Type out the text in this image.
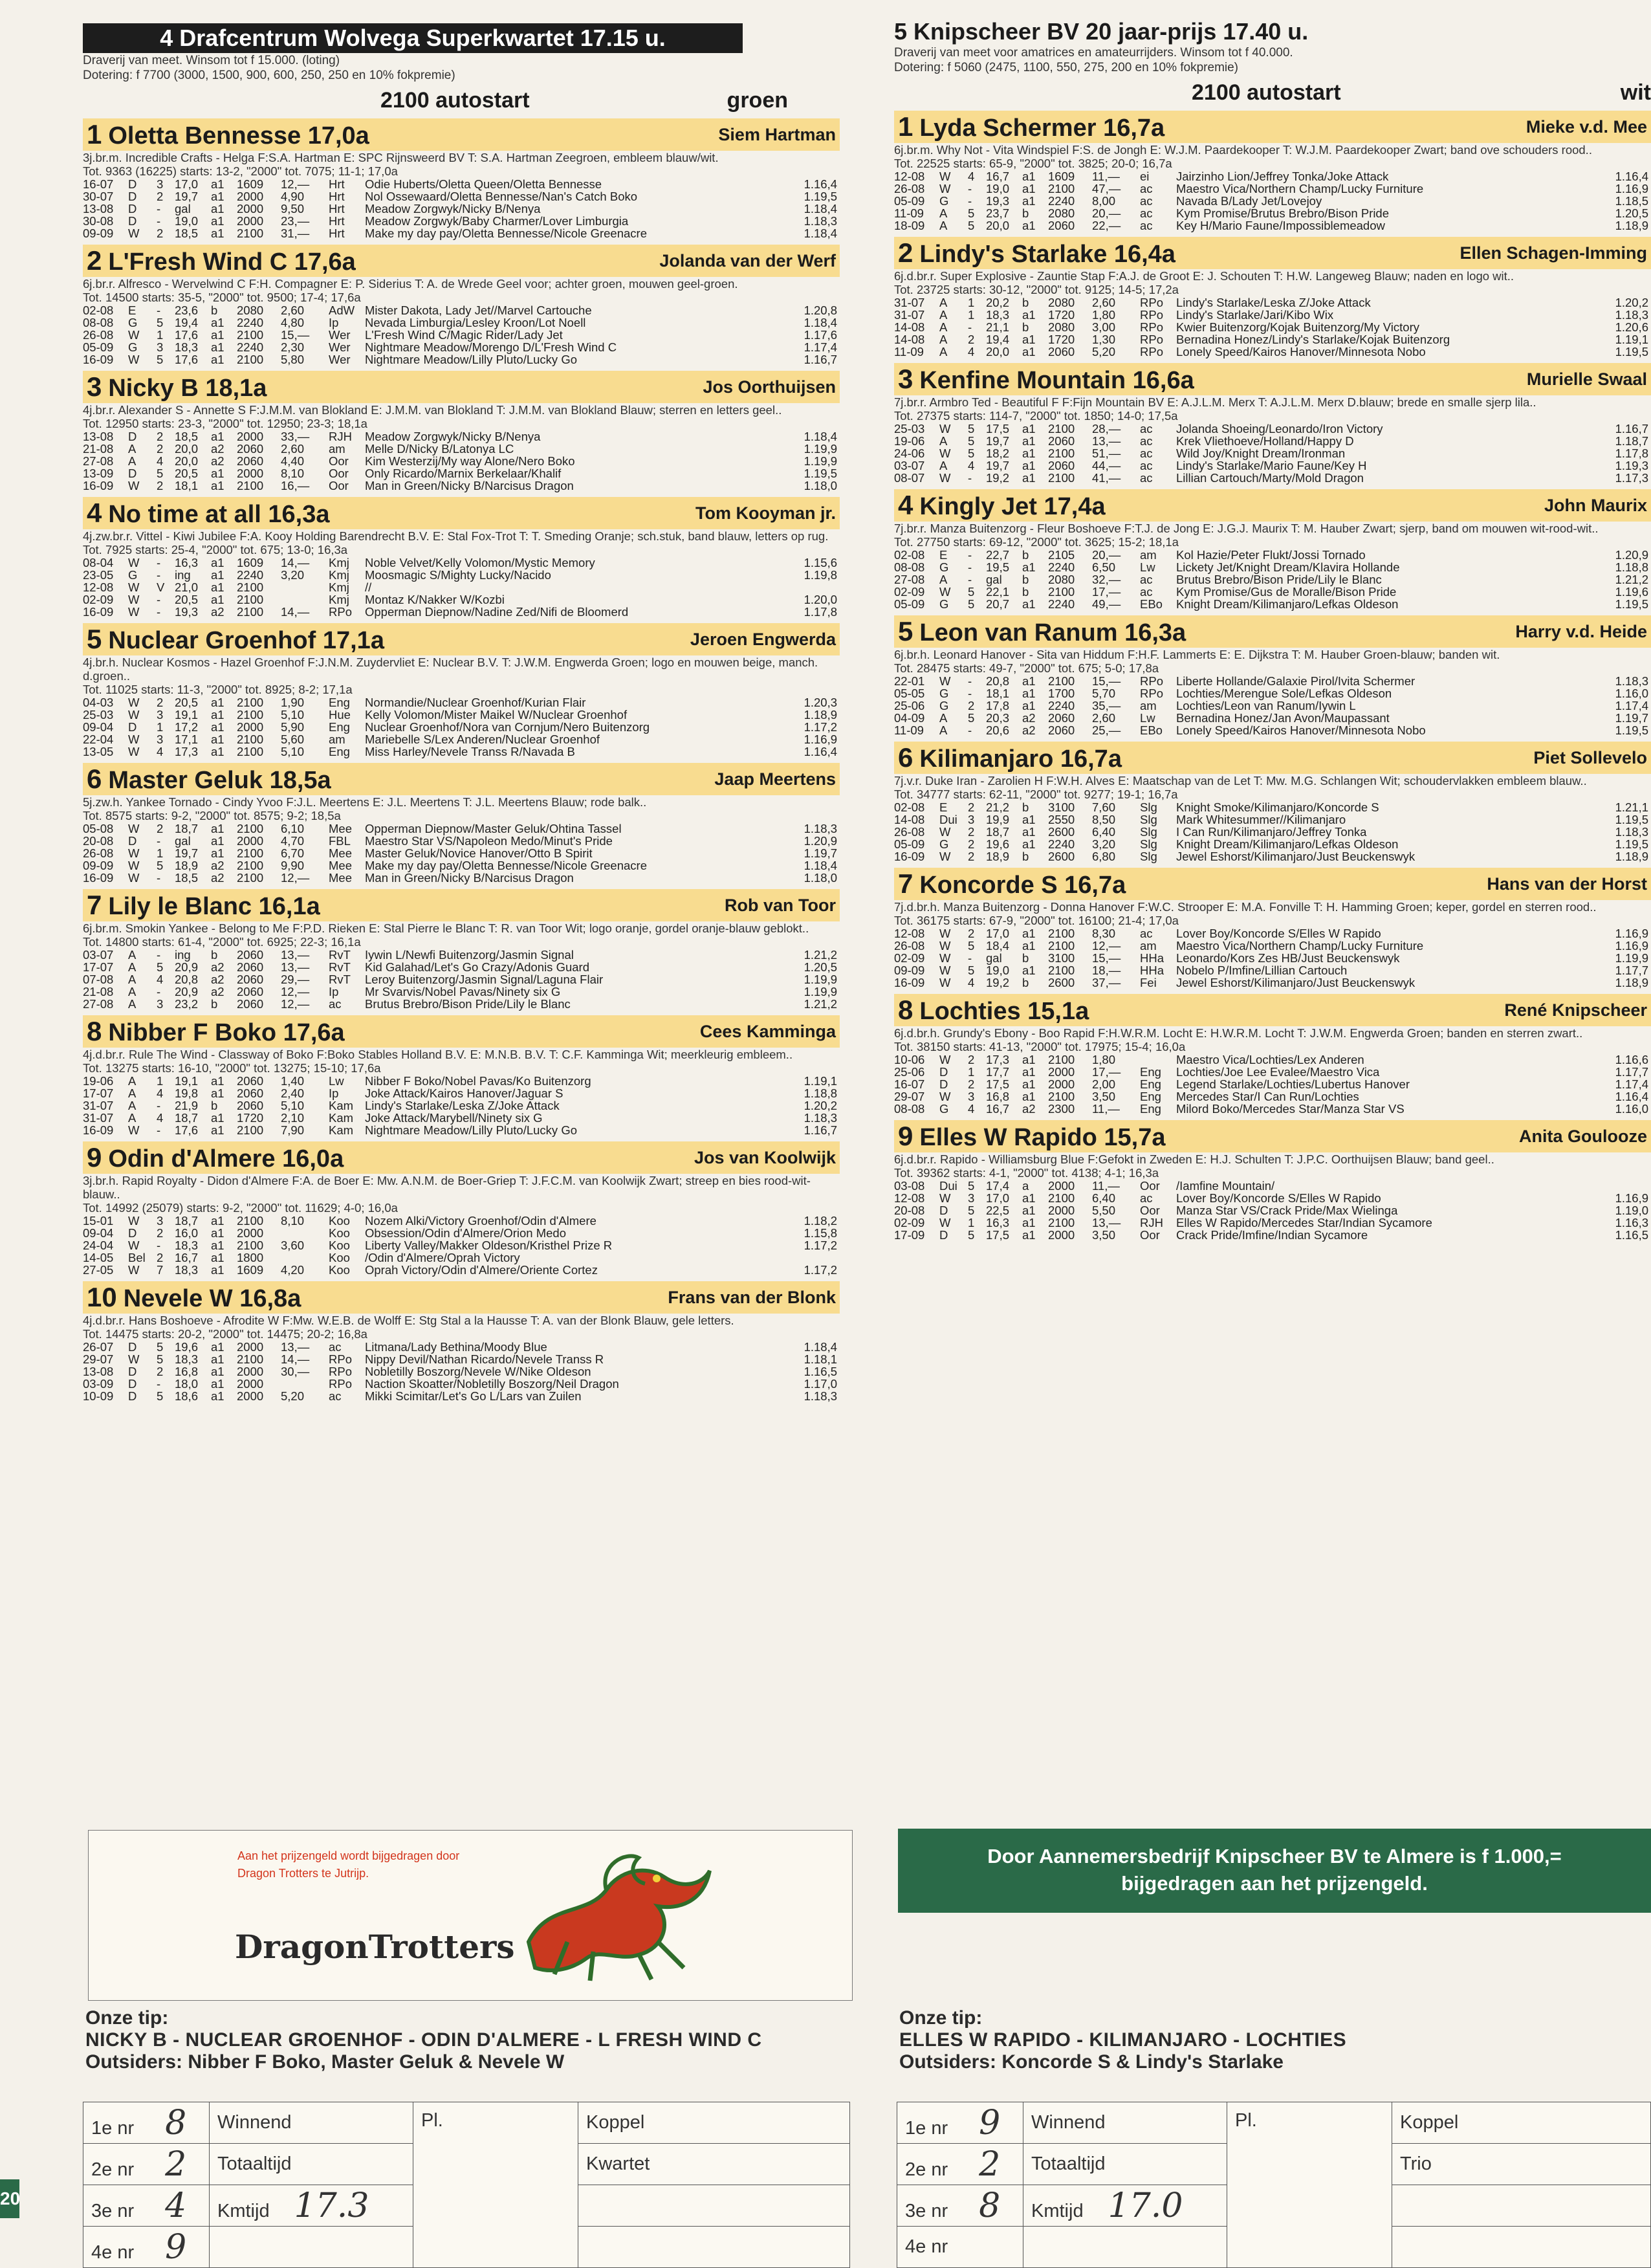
4 Drafcentrum Wolvega Superkwartet 17.15 u.
Draverij van meet. Winsom tot f 15.000. (loting)
Dotering: f 7700 (3000, 1500, 900, 600, 250, 250 en 10% fokpremie)
2100 autostart	groen
1 Oletta Bennesse 17,0a	Siem Hartman
3j.br.m. Incredible Crafts - Helga F:S.A. Hartman E: SPC Rijnsweerd BV T: S.A. Hartman Zeegroen, embleem blauw/wit.
Tot. 9363 (16225) starts: 13-2, "2000" tot. 7075; 11-1; 17,0a
16-07	D	3	17,0	a1	1609	12,—	Hrt	Odie Huberts/Oletta Queen/Oletta Bennesse	1.16,4
30-07	D	2	19,7	a1	2000	4,90	Hrt	Nol Ossewaard/Oletta Bennesse/Nan's Catch Boko	1.19,5
13-08	D	-	gal	a1	2000	9,50	Hrt	Meadow Zorgwyk/Nicky B/Nenya	1.18,4
30-08	D	-	19,0	a1	2000	23,—	Hrt	Meadow Zorgwyk/Baby Charmer/Lover Limburgia	1.18,3
09-09	W	2	18,5	a1	2100	31,—	Hrt	Make my day pay/Oletta Bennesse/Nicole Greenacre	1.18,4
2 L'Fresh Wind C 17,6a	Jolanda van der Werf
6j.br.r. Alfresco - Wervelwind C F:H. Compagner E: P. Siderius T: A. de Wrede Geel voor; achter groen, mouwen geel-groen.
Tot. 14500 starts: 35-5, "2000" tot. 9500; 17-4; 17,6a
02-08	E	-	23,6	b	2080	2,60	AdW	Mister Dakota, Lady Jet//Marvel Cartouche	1.20,8
08-08	G	5	19,4	a1	2240	4,80	Ip	Nevada Limburgia/Lesley Kroon/Lot Noell	1.18,4
26-08	W	1	17,6	a1	2100	15,—	Wer	L'Fresh Wind C/Magic Rider/Lady Jet	1.17,6
05-09	G	3	18,3	a1	2240	2,30	Wer	Nightmare Meadow/Morengo D/L'Fresh Wind C	1.17,4
16-09	W	5	17,6	a1	2100	5,80	Wer	Nightmare Meadow/Lilly Pluto/Lucky Go	1.16,7
3 Nicky B 18,1a	Jos Oorthuijsen
4j.br.r. Alexander S - Annette S F:J.M.M. van Blokland E: J.M.M. van Blokland T: J.M.M. van Blokland Blauw; sterren en letters geel..
Tot. 12950 starts: 23-3, "2000" tot. 12950; 23-3; 18,1a
13-08	D	2	18,5	a1	2000	33,—	RJH	Meadow Zorgwyk/Nicky B/Nenya	1.18,4
21-08	A	2	20,0	a2	2060	2,60	am	Melle D/Nicky B/Latonya LC	1.19,9
27-08	A	4	20,0	a2	2060	4,40	Oor	Kim Westerzij/My way Alone/Nero Boko	1.19,9
13-09	D	5	20,5	a1	2000	8,10	Oor	Only Ricardo/Marnix Berkelaar/Khalif	1.19,5
16-09	W	2	18,1	a1	2100	16,—	Oor	Man in Green/Nicky B/Narcisus Dragon	1.18,0
4 No time at all 16,3a	Tom Kooyman jr.
4j.zw.br.r. Vittel - Kiwi Jubilee F:A. Kooy Holding Barendrecht B.V. E: Stal Fox-Trot T: T. Smeding Oranje; sch.stuk, band blauw, letters op rug.
Tot. 7925 starts: 25-4, "2000" tot. 675; 13-0; 16,3a
08-04	W	-	16,3	a1	1609	14,—	Kmj	Noble Velvet/Kelly Volomon/Mystic Memory	1.15,6
23-05	G	-	ing	a1	2240	3,20	Kmj	Moosmagic S/Mighty Lucky/Nacido	1.19,8
12-08	W	V	21,0	a1	2100		Kmj	//	
02-09	W	-	20,5	a1	2100		Kmj	Montaz K/Nakker W/Kozbi	1.20,0
16-09	W	-	19,3	a2	2100	14,—	RPo	Opperman Diepnow/Nadine Zed/Nifi de Bloomerd	1.17,8
5 Nuclear Groenhof 17,1a	Jeroen Engwerda
4j.br.h. Nuclear Kosmos - Hazel Groenhof F:J.N.M. Zuydervliet E: Nuclear B.V. T: J.W.M. Engwerda Groen; logo en mouwen beige, manch. d.groen..
Tot. 11025 starts: 11-3, "2000" tot. 8925; 8-2; 17,1a
04-03	W	2	20,5	a1	2100	1,90	Eng	Normandie/Nuclear Groenhof/Kurian Flair	1.20,3
25-03	W	3	19,1	a1	2100	5,10	Hue	Kelly Volomon/Mister Maikel W/Nuclear Groenhof	1.18,9
09-04	D	1	17,2	a1	2000	5,90	Eng	Nuclear Groenhof/Nora van Cornjum/Nero Buitenzorg	1.17,2
22-04	W	3	17,1	a1	2100	5,60	am	Mariebelle S/Lex Anderen/Nuclear Groenhof	1.16,9
13-05	W	4	17,3	a1	2100	5,10	Eng	Miss Harley/Nevele Transs R/Navada B	1.16,4
6 Master Geluk 18,5a	Jaap Meertens
5j.zw.h. Yankee Tornado - Cindy Yvoo F:J.L. Meertens E: J.L. Meertens T: J.L. Meertens Blauw; rode balk..
Tot. 8575 starts: 9-2, "2000" tot. 8575; 9-2; 18,5a
05-08	W	2	18,7	a1	2100	6,10	Mee	Opperman Diepnow/Master Geluk/Ohtina Tassel	1.18,3
20-08	D	-	gal	a1	2000	4,70	FBL	Maestro Star VS/Napoleon Medo/Minut's Pride	1.20,9
26-08	W	1	19,7	a1	2100	6,70	Mee	Master Geluk/Novice Hanover/Otto B Spirit	1.19,7
09-09	W	5	18,9	a2	2100	9,90	Mee	Make my day pay/Oletta Bennesse/Nicole Greenacre	1.18,4
16-09	W	-	18,5	a2	2100	12,—	Mee	Man in Green/Nicky B/Narcisus Dragon	1.18,0
7 Lily le Blanc 16,1a	Rob van Toor
6j.br.m. Smokin Yankee - Belong to Me F:P.D. Rieken E: Stal Pierre le Blanc T: R. van Toor Wit; logo oranje, gordel oranje-blauw geblokt..
Tot. 14800 starts: 61-4, "2000" tot. 6925; 22-3; 16,1a
03-07	A	-	ing	b	2060	13,—	RvT	Iywin L/Newfi Buitenzorg/Jasmin Signal	1.21,2
17-07	A	5	20,9	a2	2060	13,—	RvT	Kid Galahad/Let's Go Crazy/Adonis Guard	1.20,5
07-08	A	4	20,8	a2	2060	29,—	RvT	Leroy Buitenzorg/Jasmin Signal/Laguna Flair	1.19,9
21-08	A	-	20,9	a2	2060	12,—	Ip	Mr Svarvis/Nobel Pavas/Ninety six G	1.19,9
27-08	A	3	23,2	b	2060	12,—	ac	Brutus Brebro/Bison Pride/Lily le Blanc	1.21,2
8 Nibber F Boko 17,6a	Cees Kamminga
4j.d.br.r. Rule The Wind - Classway of Boko F:Boko Stables Holland B.V. E: M.N.B. B.V. T: C.F. Kamminga Wit; meerkleurig embleem..
Tot. 13275 starts: 16-10, "2000" tot. 13275; 15-10; 17,6a
19-06	A	1	19,1	a1	2060	1,40	Lw	Nibber F Boko/Nobel Pavas/Ko Buitenzorg	1.19,1
17-07	A	4	19,8	a1	2060	2,40	Ip	Joke Attack/Kairos Hanover/Jaguar S	1.18,8
31-07	A	-	21,9	b	2060	5,10	Kam	Lindy's Starlake/Leska Z/Joke Attack	1.20,2
31-07	A	4	18,7	a1	1720	2,10	Kam	Joke Attack/Marybell/Ninety six G	1.18,3
16-09	W	-	17,6	a1	2100	7,90	Kam	Nightmare Meadow/Lilly Pluto/Lucky Go	1.16,7
9 Odin d'Almere 16,0a	Jos van Koolwijk
3j.br.h. Rapid Royalty - Didon d'Almere F:A. de Boer E: Mw. A.N.M. de Boer-Griep T: J.F.C.M. van Koolwijk Zwart; streep en bies rood-wit-blauw..
Tot. 14992 (25079) starts: 9-2, "2000" tot. 11629; 4-0; 16,0a
15-01	W	3	18,7	a1	2100	8,10	Koo	Nozem Alki/Victory Groenhof/Odin d'Almere	1.18,2
09-04	D	2	16,0	a1	2000		Koo	Obsession/Odin d'Almere/Orion Medo	1.15,8
24-04	W	-	18,3	a1	2100	3,60	Koo	Liberty Valley/Makker Oldeson/Kristhel Prize R	1.17,2
14-05	Bel	2	16,7	a1	1800		Koo	/Odin d'Almere/Oprah Victory	
27-05	W	7	18,3	a1	1609	4,20	Koo	Oprah Victory/Odin d'Almere/Oriente Cortez	1.17,2
10 Nevele W 16,8a	Frans van der Blonk
4j.d.br.r. Hans Boshoeve - Afrodite W F:Mw. W.E.B. de Wolff E: Stg Stal a la Hausse T: A. van der Blonk Blauw, gele letters.
Tot. 14475 starts: 20-2, "2000" tot. 14475; 20-2; 16,8a
26-07	D	5	19,6	a1	2000	13,—	ac	Litmana/Lady Bethina/Moody Blue	1.18,4
29-07	W	5	18,3	a1	2100	14,—	RPo	Nippy Devil/Nathan Ricardo/Nevele Transs R	1.18,1
13-08	D	2	16,8	a1	2000	30,—	RPo	Nobletilly Boszorg/Nevele W/Nike Oldeson	1.16,5
03-09	D	-	18,0	a1	2000		RPo	Naction Skoatter/Nobletilly Boszorg/Neil Dragon	1.17,0
10-09	D	5	18,6	a1	2000	5,20	ac	Mikki Scimitar/Let's Go L/Lars van Zuilen	1.18,3
5 Knipscheer BV 20 jaar-prijs 17.40 u.
Draverij van meet voor amatrices en amateurrijders. Winsom tot f 40.000.
Dotering: f 5060 (2475, 1100, 550, 275, 200 en 10% fokpremie)
2100 autostart	wit
1 Lyda Schermer 16,7a	Mieke v.d. Mee
6j.br.m. Why Not - Vita Windspiel F:S. de Jongh E: W.J.M. Paardekooper T: W.J.M. Paardekooper Zwart; band ove schouders rood..
Tot. 22525 starts: 65-9, "2000" tot. 3825; 20-0; 16,7a
12-08	W	4	16,7	a1	1609	11,—	ei	Jairzinho Lion/Jeffrey Tonka/Joke Attack	1.16,4
26-08	W	-	19,0	a1	2100	47,—	ac	Maestro Vica/Northern Champ/Lucky Furniture	1.16,9
05-09	G	-	19,3	a1	2240	8,00	ac	Navada B/Lady Jet/Lovejoy	1.18,5
11-09	A	5	23,7	b	2080	20,—	ac	Kym Promise/Brutus Brebro/Bison Pride	1.20,5
18-09	A	5	20,0	a1	2060	22,—	ac	Key H/Mario Faune/Impossiblemeadow	1.18,9
2 Lindy's Starlake 16,4a	Ellen Schagen-Imming
6j.d.br.r. Super Explosive - Zauntie Stap F:A.J. de Groot E: J. Schouten T: H.W. Langeweg Blauw; naden en logo wit..
Tot. 23725 starts: 30-12, "2000" tot. 9125; 14-5; 17,2a
31-07	A	1	20,2	b	2080	2,60	RPo	Lindy's Starlake/Leska Z/Joke Attack	1.20,2
31-07	A	1	18,3	a1	1720	1,80	RPo	Lindy's Starlake/Jari/Kibo Wix	1.18,3
14-08	A	-	21,1	b	2080	3,00	RPo	Kwier Buitenzorg/Kojak Buitenzorg/My Victory	1.20,6
14-08	A	2	19,4	a1	1720	1,30	RPo	Bernadina Honez/Lindy's Starlake/Kojak Buitenzorg	1.19,1
11-09	A	4	20,0	a1	2060	5,20	RPo	Lonely Speed/Kairos Hanover/Minnesota Nobo	1.19,5
3 Kenfine Mountain 16,6a	Murielle Swaal
7j.br.r. Armbro Ted - Beautiful F F:Fijn Mountain BV E: A.J.L.M. Merx T: A.J.L.M. Merx D.blauw; brede en smalle sjerp lila..
Tot. 27375 starts: 114-7, "2000" tot. 1850; 14-0; 17,5a
25-03	W	5	17,5	a1	2100	28,—	ac	Jolanda Shoeing/Leonardo/Iron Victory	1.16,7
19-06	A	5	19,7	a1	2060	13,—	ac	Krek Vliethoeve/Holland/Happy D	1.18,7
24-06	W	5	18,2	a1	2100	51,—	ac	Wild Joy/Knight Dream/Ironman	1.17,8
03-07	A	4	19,7	a1	2060	44,—	ac	Lindy's Starlake/Mario Faune/Key H	1.19,3
08-07	W	-	19,2	a1	2100	41,—	ac	Lillian Cartouch/Marty/Mold Dragon	1.17,3
4 Kingly Jet 17,4a	John Maurix
7j.br.r. Manza Buitenzorg - Fleur Boshoeve F:T.J. de Jong E: J.G.J. Maurix T: M. Hauber Zwart; sjerp, band om mouwen wit-rood-wit..
Tot. 27750 starts: 69-12, "2000" tot. 3625; 15-2; 18,1a
02-08	E	-	22,7	b	2105	20,—	am	Kol Hazie/Peter Flukt/Jossi Tornado	1.20,9
08-08	G	-	19,5	a1	2240	6,50	Lw	Lickety Jet/Knight Dream/Klavira Hollande	1.18,8
27-08	A	-	gal	b	2080	32,—	ac	Brutus Brebro/Bison Pride/Lily le Blanc	1.21,2
02-09	W	5	22,1	b	2100	17,—	ac	Kym Promise/Gus de Moralle/Bison Pride	1.19,6
05-09	G	5	20,7	a1	2240	49,—	EBo	Knight Dream/Kilimanjaro/Lefkas Oldeson	1.19,5
5 Leon van Ranum 16,3a	Harry v.d. Heide
6j.br.h. Leonard Hanover - Sita van Hiddum F:H.F. Lammerts E: E. Dijkstra T: M. Hauber Groen-blauw; banden wit.
Tot. 28475 starts: 49-7, "2000" tot. 675; 5-0; 17,8a
22-01	W	-	20,8	a1	2100	15,—	RPo	Liberte Hollande/Galaxie Pirol/Ivita Schermer	1.18,3
05-05	G	-	18,1	a1	1700	5,70	RPo	Lochties/Merengue Sole/Lefkas Oldeson	1.16,0
25-06	G	2	17,8	a1	2240	35,—	am	Lochties/Leon van Ranum/Iywin L	1.17,4
04-09	A	5	20,3	a2	2060	2,60	Lw	Bernadina Honez/Jan Avon/Maupassant	1.19,7
11-09	A	-	20,6	a2	2060	25,—	EBo	Lonely Speed/Kairos Hanover/Minnesota Nobo	1.19,5
6 Kilimanjaro 16,7a	Piet Sollevelo
7j.v.r. Duke Iran - Zarolien H F:W.H. Alves E: Maatschap van de Let T: Mw. M.G. Schlangen Wit; schoudervlakken embleem blauw..
Tot. 34777 starts: 62-11, "2000" tot. 9277; 19-1; 16,7a
02-08	E	2	21,2	b	3100	7,60	Slg	Knight Smoke/Kilimanjaro/Koncorde S	1.21,1
14-08	Dui	3	19,9	a1	2550	8,50	Slg	Mark Whitesummer//Kilimanjaro	1.19,5
26-08	W	2	18,7	a1	2600	6,40	Slg	I Can Run/Kilimanjaro/Jeffrey Tonka	1.18,3
05-09	G	2	19,6	a1	2240	3,20	Slg	Knight Dream/Kilimanjaro/Lefkas Oldeson	1.19,5
16-09	W	2	18,9	b	2600	6,80	Slg	Jewel Eshorst/Kilimanjaro/Just Beuckenswyk	1.18,9
7 Koncorde S 16,7a	Hans van der Horst
7j.d.br.h. Manza Buitenzorg - Donna Hanover F:W.C. Strooper E: M.A. Fonville T: H. Hamming Groen; keper, gordel en sterren rood..
Tot. 36175 starts: 67-9, "2000" tot. 16100; 21-4; 17,0a
12-08	W	2	17,0	a1	2100	8,30	ac	Lover Boy/Koncorde S/Elles W Rapido	1.16,9
26-08	W	5	18,4	a1	2100	12,—	am	Maestro Vica/Northern Champ/Lucky Furniture	1.16,9
02-09	W	-	gal	b	3100	15,—	HHa	Leonardo/Kors Zes HB/Just Beuckenswyk	1.19,9
09-09	W	5	19,0	a1	2100	18,—	HHa	Nobelo P/Imfine/Lillian Cartouch	1.17,7
16-09	W	4	19,2	b	2600	37,—	Fei	Jewel Eshorst/Kilimanjaro/Just Beuckenswyk	1.18,9
8 Lochties 15,1a	René Knipscheer
6j.d.br.h. Grundy's Ebony - Boo Rapid F:H.W.R.M. Locht E: H.W.R.M. Locht T: J.W.M. Engwerda Groen; banden en sterren zwart..
Tot. 38150 starts: 41-13, "2000" tot. 17975; 15-4; 16,0a
10-06	W	2	17,3	a1	2100	1,80		Maestro Vica/Lochties/Lex Anderen	1.16,6
25-06	D	1	17,7	a1	2000	17,—	Eng	Lochties/Joe Lee Evalee/Maestro Vica	1.17,7
16-07	D	2	17,5	a1	2000	2,00	Eng	Legend Starlake/Lochties/Lubertus Hanover	1.17,4
29-07	W	3	16,8	a1	2100	3,50	Eng	Mercedes Star/I Can Run/Lochties	1.16,4
08-08	G	4	16,7	a2	2300	11,—	Eng	Milord Boko/Mercedes Star/Manza Star VS	1.16,0
9 Elles W Rapido 15,7a	Anita Goulooze
6j.d.br.r. Rapido - Williamsburg Blue F:Gefokt in Zweden E: H.J. Schulten T: J.P.C. Oorthuijsen Blauw; band geel..
Tot. 39362 starts: 4-1, "2000" tot. 4138; 4-1; 16,3a
03-08	Dui	5	17,4	a	2000	11,—	Oor	/Iamfine Mountain/	
12-08	W	3	17,0	a1	2100	6,40	ac	Lover Boy/Koncorde S/Elles W Rapido	1.16,9
20-08	D	5	22,5	a1	2000	5,50	Oor	Manza Star VS/Crack Pride/Max Wielinga	1.19,0
02-09	W	1	16,3	a1	2100	13,—	RJH	Elles W Rapido/Mercedes Star/Indian Sycamore	1.16,3
17-09	D	5	17,5	a1	2000	3,50	Oor	Crack Pride/Imfine/Indian Sycamore	1.16,5
Aan het prijzengeld wordt bijgedragen door
Dragon Trotters te Jutrijp.
DragonTrotters
Door Aannemersbedrijf Knipscheer BV te Almere is f 1.000,=
bijgedragen aan het prijzengeld.
Onze tip:
NICKY B - NUCLEAR GROENHOF - ODIN D'ALMERE - L FRESH WIND C
Outsiders: Nibber F Boko, Master Geluk & Nevele W
Onze tip:
ELLES W RAPIDO - KILIMANJARO - LOCHTIES
Outsiders: Koncorde S & Lindy's Starlake
1e nr 8	Winnend	Pl.	Koppel
2e nr 2	Totaaltijd		Kwartet
3e nr 4	Kmtijd 17.3		
4e nr 9			
1e nr 9	Winnend	Pl.	Koppel
2e nr 2	Totaaltijd		Trio
3e nr 8	Kmtijd 17.0		
4e nr			
20
